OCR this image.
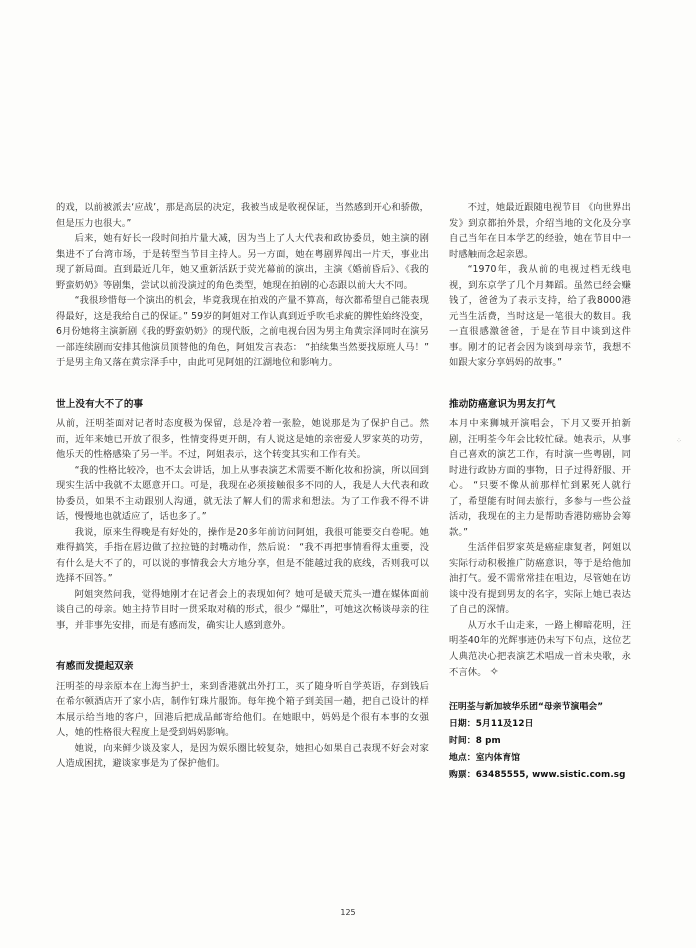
的戏，以前被派去‘应战’，那是高层的决定，我被当成是收视保证，当然感到开心和骄傲，但是压力也很大。”

后来，她有好长一段时间拍片量大减，因为当上了人大代表和政协委员，她主演的剧集进不了台湾市场，于是转型当节目主持人。另一方面，她在粤剧界闯出一片天，事业出现了新局面。直到最近几年，她又重新活跃于荧光幕前的演出，主演《婚前昏后》、《我的野蛮奶奶》等剧集，尝试以前没演过的角色类型，她现在拍剧的心态跟以前大大不同。

“我很珍惜每一个演出的机会，毕竟我现在拍戏的产量不算高，每次都希望自己能表现得最好，这是我给自己的保证。” 59岁的阿姐对工作认真到近乎吹毛求疵的脾性始终没变，6月份她将主演新剧《我的野蛮奶奶》的现代版，之前电视台因为男主角黄宗泽同时在演另一部连续剧而安排其他演员顶替他的角色，阿姐发言表态： “拍续集当然要找原班人马！” 于是男主角又落在黄宗泽手中，由此可见阿姐的江湖地位和影响力。

世上没有大不了的事

从前，汪明荃面对记者时态度极为保留，总是冷着一张脸，她说那是为了保护自己。然而，近年来她已开放了很多，性情变得更开朗，有人说这是她的亲密爱人罗家英的功劳，他乐天的性格感染了另一半。不过，阿姐表示，这个转变其实和工作有关。

“我的性格比较冷，也不太会讲话，加上从事表演艺术需要不断化妆和扮演，所以回到现实生活中我就不太愿意开口。可是，我现在必须接触很多不同的人，我是人大代表和政协委员，如果不主动跟别人沟通，就无法了解人们的需求和想法。为了工作我不得不讲话，慢慢地也就适应了，话也多了。”

我说，原来生得晚是有好处的，操作是20多年前访问阿姐，我很可能要交白卷呢。她难得搞笑，手指在唇边做了拉拉链的封嘴动作，然后说： “我不再把事情看得太重要，没有什么是大不了的，可以说的事情我会大方地分享，但是不能越过我的底线，否则我可以选择不回答。”

阿姐突然问我，觉得她刚才在记者会上的表现如何？她可是破天荒头一遭在媒体面前谈自己的母亲。她主持节目时一贯采取对稿的形式，很少 “爆肚”，可她这次畅谈母亲的往事，并非事先安排，而是有感而发，确实让人感到意外。

有感而发提起双亲

汪明荃的母亲原本在上海当护士，来到香港就出外打工，买了随身听自学英语，存到钱后在希尔顿酒店开了家小店，制作钉珠片服饰。每年挽个箱子到美国一趟，把自己设计的样本展示给当地的客户，回港后把成品邮寄给他们。在她眼中，妈妈是个很有本事的女强人，她的性格很大程度上是受到妈妈影响。

她说，向来鲜少谈及家人，是因为娱乐圈比较复杂，她担心如果自己表现不好会对家人造成困扰，避谈家事是为了保护他们。

不过，她最近跟随电视节目 《向世界出发》到京都拍外景，介绍当地的文化及分享自己当年在日本学艺的经验，她在节目中一时感触而念起亲恩。

“1970年，我从前的电视过档无线电视，到东京学了几个月舞蹈。虽然已经会赚钱了，爸爸为了表示支持，给了我8000港元当生活费，当时这是一笔很大的数目。我一直很感激爸爸，于是在节目中谈到这件事。刚才的记者会因为谈到母亲节，我想不如跟大家分享妈妈的故事。”

推动防癌意识为男友打气

本月中来狮城开演唱会，下月又要开拍新剧，汪明荃今年会比较忙碌。她表示，从事自己喜欢的演艺工作，有时演一些粤剧，同时进行政协方面的事物，日子过得舒服、开心。 “只要不像从前那样忙到累死人就行了，希望能有时间去旅行，多参与一些公益活动，我现在的主力是帮助香港防癌协会筹款。”

生活伴侣罗家英是癌症康复者，阿姐以实际行动积极推广防癌意识，等于是给他加油打气。爱不需常常挂在咀边，尽管她在访谈中没有提到男友的名字，实际上她已表达了自己的深情。

从万水千山走来，一路上柳暗花明，汪明荃40年的光辉事迹仍未写下句点，这位艺人典范决心把表演艺术唱成一首未央歌，永不言休。 ✧

汪明荃与新加坡华乐团“母亲节演唱会”
日期：5月11及12日
时间：8 pm
地点：室内体育馆
购票：63485555, www.sistic.com.sg
125
⁘
